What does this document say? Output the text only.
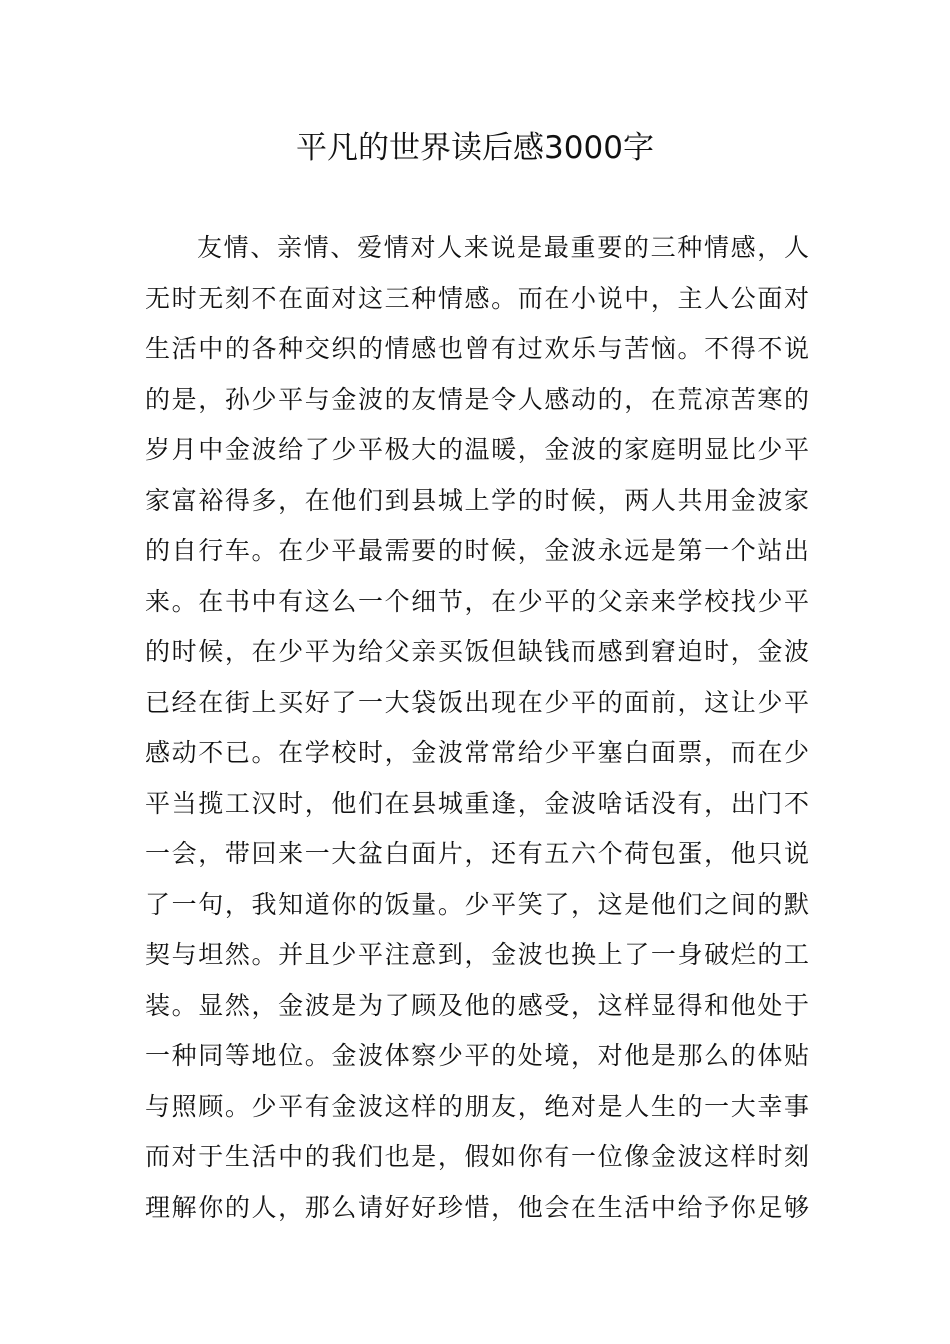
平凡的世界读后感3000字
友情、亲情、爱情对人来说是最重要的三种情感，人
无时无刻不在面对这三种情感。而在小说中，主人公面对
生活中的各种交织的情感也曾有过欢乐与苦恼。不得不说
的是，孙少平与金波的友情是令人感动的，在荒凉苦寒的
岁月中金波给了少平极大的温暖，金波的家庭明显比少平
家富裕得多，在他们到县城上学的时候，两人共用金波家
的自行车。在少平最需要的时候，金波永远是第一个站出
来。在书中有这么一个细节，在少平的父亲来学校找少平
的时候，在少平为给父亲买饭但缺钱而感到窘迫时，金波
已经在街上买好了一大袋饭出现在少平的面前，这让少平
感动不已。在学校时，金波常常给少平塞白面票，而在少
平当揽工汉时，他们在县城重逢，金波啥话没有，出门不
一会，带回来一大盆白面片，还有五六个荷包蛋，他只说
了一句，我知道你的饭量。少平笑了，这是他们之间的默
契与坦然。并且少平注意到，金波也换上了一身破烂的工
装。显然，金波是为了顾及他的感受，这样显得和他处于
一种同等地位。金波体察少平的处境，对他是那么的体贴
与照顾。少平有金波这样的朋友，绝对是人生的一大幸事
而对于生活中的我们也是，假如你有一位像金波这样时刻
理解你的人，那么请好好珍惜，他会在生活中给予你足够
